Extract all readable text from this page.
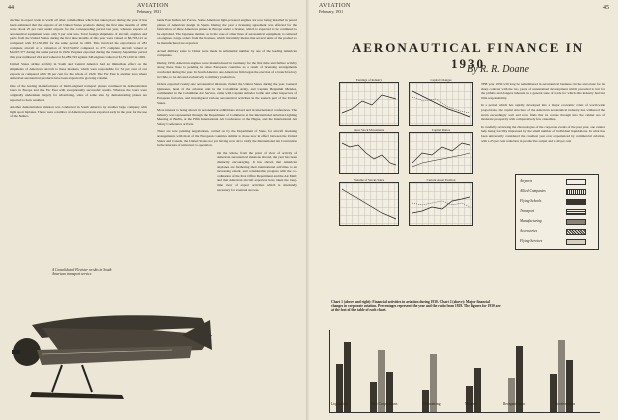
44	AVIATION
February, 1931

decline in export trade is worth all other commodities which has taken place during the year. It has been estimated that the exports of all United States products during the first nine months of 1930 were about 25 per cent under exports for the corresponding period last year, whereas exports of aeronautical equipment were only 9 per cent less. Total foreign shipments of aircraft, engines and parts from the United States during the first nine months of this year were valued at $6,793,121 as compared with $7,150,056 for the same period in 1929. This involved the exportation of 281 complete aircraft at a valuation of $3,574,002 compared to 273 complete aircraft valued at $4,007,377 during the same period in 1929. Engines exported during the January-September period this year numbered 224 and valued at $1,289,743 against 346 engines valued at $1,791,010 in 1929.

United States airline activity in South and Central America had an immediate effect on the shipments of American aircraft to these markets, which were responsible for 54 per cent of our exports as compared with 36 per cent for the whole of 1929. The Far East is another area where American aeronautical products have been exported in growing volume.

One of the leading manufacturers of multi-engined transport planes continued its demonstration tours in Europe and the Far East with exceptionally successful results. Whereas the tours were originally undertaken largely for advertising, sales of some size by demonstrating planes are reported to have resulted.

Another demonstration mission was conducted in South America by another large company with light sport biplanes. There were a number of American persons exported early in the year for the use of the Nether-

lands East Indian Air Forces. Some American light-powered engines are now being installed in parcel planes of American design in Spain. During the year a licensing agreement was effected for the fabrication of three American planes in Europe under a license, which is expected to be continued to be exploited. The Japanese market, as in the case of other lines of aeronautical equipment, is centered on engines. Large orders from the licenses, which invariably means that several units of the product to be manufactured are exported.

Actual military sales to China were made in substantial number by one of the leading American companies.

During 1930, American engines were manufactured in Germany for the first time and further activity along these lines is pending in other European countries as a result of licensing arrangements concluded during the year. In South America one American firm began the erection of a branch factory in Chile, to be devoted exclusively to military production.

Orders exported twenty-one aeronautical missions visited the United States during the year. General Quinones, head of the aviation unit in the Colombian Army, and Captain Benjamin Mendez, commander in the Columbian Air Service, came with Captain Amador Grille and other inspectors of European factories, and investigated various aeronautical activities in the eastern part of the United States.

More interest is being shown in aeronautical exhibitions abroad and in international conferences. The industry was represented through the Department of Commerce at the International Aviation Lighting Meeting at Berlin, at the Fifth International Air Conference at the Hague, and the International Air Safety Conference at Paris.

There are now pending negotiations, carried on by the Department of State, for aircraft licensing arrangements with most of the European countries similar to those now in effect between the United States and Canada, the United States not yet having now 44 to ratify the International Air Convention in the interests of universal co-operation.

On the whole, from the point of view of activity of American aeronautical missions abroad, the year has been distinctly encouraging. It has shown that American airplanes are furthering their international activities to an increasing extent, and considerable progress with the co-ordination of the Post Office Department and the Air Mail; and that American aircraft exporters have taken the long-time view of export activities which is absolutely necessary for eventual success.

A Consolidated Fleetster on skis in South American transport service.
AVIATION
February, 1931
45
AERONAUTICAL FINANCE IN 1930
By R. R. Doane
Earnings of Industry	Capital Changes
Aero Stock Movements	Capital Ratios
Volume of Stocks Sales	Current Asset Position

THE year 1930 will long be remembered in aeronautical business circles and alone for its sharp contrast with the two years of unrestrained development which preceded it, but for the pitfalls and dangers inherent in a general state of trade for which this industry had but little responsibility.

In a period which has rapidly developed into a major economic crisis of world-wide proportions, the capital structure of the American aeronautical industry has withstood the strain exceedingly well and now finds that its course through into the calmer sea of moderate prosperity with comparatively few casualties.

In carefully reviewing the chronologies of the corporate events of the past year, one cannot help being forcibly impressed by the small number of individual liquidations. In what has been universally considered the cruellest year ever experienced by commercial aviation, with a 25 per cent reduction in productive output and a 40 per cent

Airports
Allied Companies
Flying Schools
Transport
Manufacturing
Accessories
Flying Services
Chart 1 (above and right): Financial activities in aviation during 1930. Chart 2 (above): Major financial changes in corporate aviation. Percentages represent the year and the ratio from 1929. The figures for 1930 are at the foot of the table of each chart.
Liquidation	New Corporations	Refinancing	Mergers	Reorganization	Receiverships
